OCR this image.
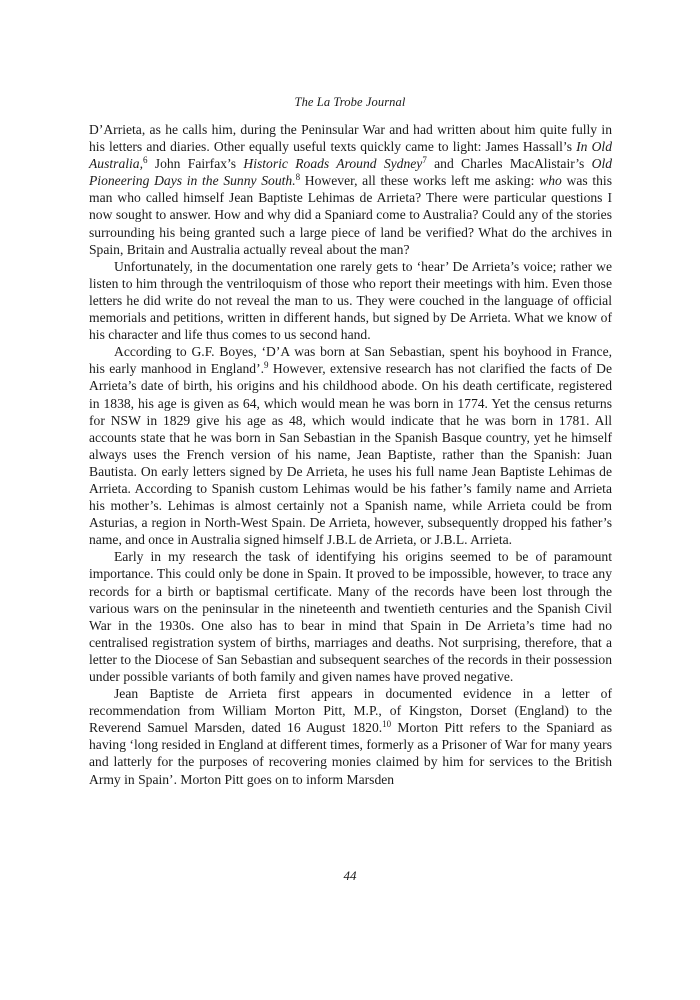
The La Trobe Journal

D’Arrieta, as he calls him, during the Peninsular War and had written about him quite fully in his letters and diaries. Other equally useful texts quickly came to light: James Hassall’s In Old Australia,$^6$ John Fairfax’s Historic Roads Around Sydney$^7$ and Charles MacAlistair’s Old Pioneering Days in the Sunny South.$^8$ However, all these works left me asking: who was this man who called himself Jean Baptiste Lehimas de Arrieta? There were particular questions I now sought to answer. How and why did a Spaniard come to Australia? Could any of the stories surrounding his being granted such a large piece of land be verified? What do the archives in Spain, Britain and Australia actually reveal about the man?

Unfortunately, in the documentation one rarely gets to ‘hear’ De Arrieta’s voice; rather we listen to him through the ventriloquism of those who report their meetings with him. Even those letters he did write do not reveal the man to us. They were couched in the language of official memorials and petitions, written in different hands, but signed by De Arrieta. What we know of his character and life thus comes to us second hand.

According to G.F. Boyes, ‘D’A was born at San Sebastian, spent his boyhood in France, his early manhood in England’.$^9$ However, extensive research has not clarified the facts of De Arrieta’s date of birth, his origins and his childhood abode. On his death certificate, registered in 1838, his age is given as 64, which would mean he was born in 1774. Yet the census returns for NSW in 1829 give his age as 48, which would indicate that he was born in 1781. All accounts state that he was born in San Sebastian in the Spanish Basque country, yet he himself always uses the French version of his name, Jean Baptiste, rather than the Spanish: Juan Bautista. On early letters signed by De Arrieta, he uses his full name Jean Baptiste Lehimas de Arrieta. According to Spanish custom Lehimas would be his father’s family name and Arrieta his mother’s. Lehimas is almost certainly not a Spanish name, while Arrieta could be from Asturias, a region in North-West Spain. De Arrieta, however, subsequently dropped his father’s name, and once in Australia signed himself J.B.L de Arrieta, or J.B.L. Arrieta.

Early in my research the task of identifying his origins seemed to be of paramount importance. This could only be done in Spain. It proved to be impossible, however, to trace any records for a birth or baptismal certificate. Many of the records have been lost through the various wars on the peninsular in the nineteenth and twentieth centuries and the Spanish Civil War in the 1930s. One also has to bear in mind that Spain in De Arrieta’s time had no centralised registration system of births, marriages and deaths. Not surprising, therefore, that a letter to the Diocese of San Sebastian and subsequent searches of the records in their possession under possible variants of both family and given names have proved negative.

Jean Baptiste de Arrieta first appears in documented evidence in a letter of recommendation from William Morton Pitt, M.P., of Kingston, Dorset (England) to the Reverend Samuel Marsden, dated 16 August 1820.10 Morton Pitt refers to the Spaniard as having ‘long resided in England at different times, formerly as a Prisoner of War for many years and latterly for the purposes of recovering monies claimed by him for services to the British Army in Spain’. Morton Pitt goes on to inform Marsden

44
